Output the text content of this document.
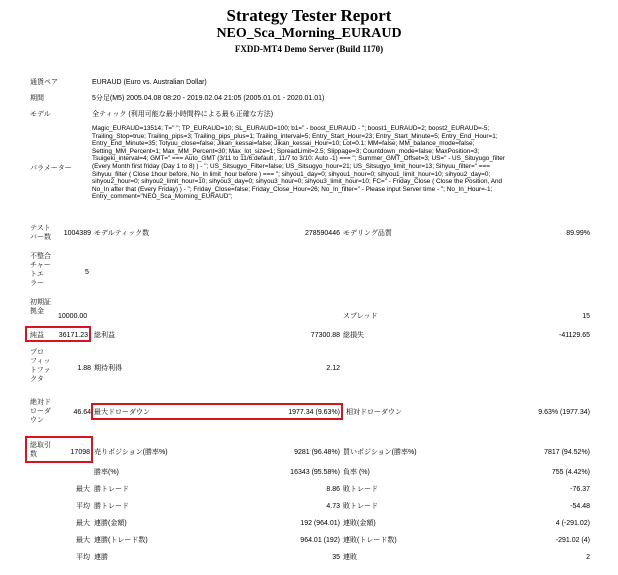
Strategy Tester Report
NEO_Sca_Morning_EURAUD
FXDD-MT4 Demo Server (Build 1170)
通貨ペア	EURAUD (Euro vs. Australian Dollar)
期間	5分足(M5) 2005.04.08 08:20 - 2019.02.04 21:05 (2005.01.01 - 2020.01.01)
モデル	全ティック (利用可能な最小時間枠による最も正確な方法)
パラメーター
Magic_EURAUD=13514; T=" "; TP_EURAUD=10; SL_EURAUD=100; b1=" - boost_EURAUD - "; boost1_EURAUD=2; boost2_EURAUD=-5;
Trailing_Stop=true; Trailing_pips=3; Trailing_pips_plus=1; Trailing_interval=5; Entry_Start_Hour=23; Entry_Start_Minute=5; Entry_End_Hour=1;
Entry_End_Minute=35; Totyuu_close=false; Jikan_kessai=false; Jikan_kessai_Hour=10; Lot=0.1; MM=false; MM_balance_mode=false;
Setting_MM_Percent=1; Max_MM_Percent=30; Max_lot_size=1; SpreadLimit=2.5; Slippage=3; Countdown_mode=false; MaxPosition=3;
Tsuigeki_interval=4; GMT=" === Auto_GMT (3/11 to 11/6:default , 11/7 to 3/10: Auto -1) === "; Summer_GMT_Offset=3; US=" - US_Situyugo_filter
(Every Month first friday (Day 1 to 8) ) - "; US_Sitsugyo_Filter=false; US_Sitsugyo_hour=21; US_Sitsugyo_limit_hour=13; Sihyuu_filter=" ===
Sihyuu_filter ( Close 1hour before, No_In limit_hour before ) === "; sihyou1_day=0; sihyou1_hour=0; sihyou1_limit_hour=10; sihyou2_day=0;
sihyou2_hour=0; sihyou2_limit_hour=10; sihyou3_day=0; sihyou3_hour=0; sihyou3_limit_hour=10; FC=" - Friday_Close ( Close the Position, And
No_In after that (Every Friday) ) - "; Friday_Close=false; Friday_Close_Hour=26; No_In_filter=" - Please input Server time - "; No_In_Hour=-1;
Entry_comment="NEO_Sca_Morning_EURAUD";
テスト
バー数
1004389 モデルティック数	278590446 モデリング品質	89.99%
不整合
チャー
トエ
ラー
5
初期証
拠金
10000.00	スプレッド	15
純益	36171.23 総利益	77300.88 総損失	-41129.65
プロ
フィッ
トファ
クタ
1.88 期待利得	2.12
絶対ド
ローダ
ウン
46.64 最大ドローダウン	1977.34 (9.63%) 相対ドローダウン	9.63% (1977.34)
総取引
数	17098 売りポジション(勝率%)	9281 (96.48%) 買いポジション(勝率%)	7817 (94.52%)
勝率(%)	16343 (95.58%) 負率 (%)	755 (4.42%)
最大 勝トレード	8.86 敗トレード	-76.37
平均 勝トレード	4.73 敗トレード	-54.48
最大 連勝(金額)	192 (964.01) 連敗(金額)	4 (-291.02)
最大 連勝(トレード数)	964.01 (192) 連敗(トレード数)	-291.02 (4)
平均 連勝	35 連敗	2
